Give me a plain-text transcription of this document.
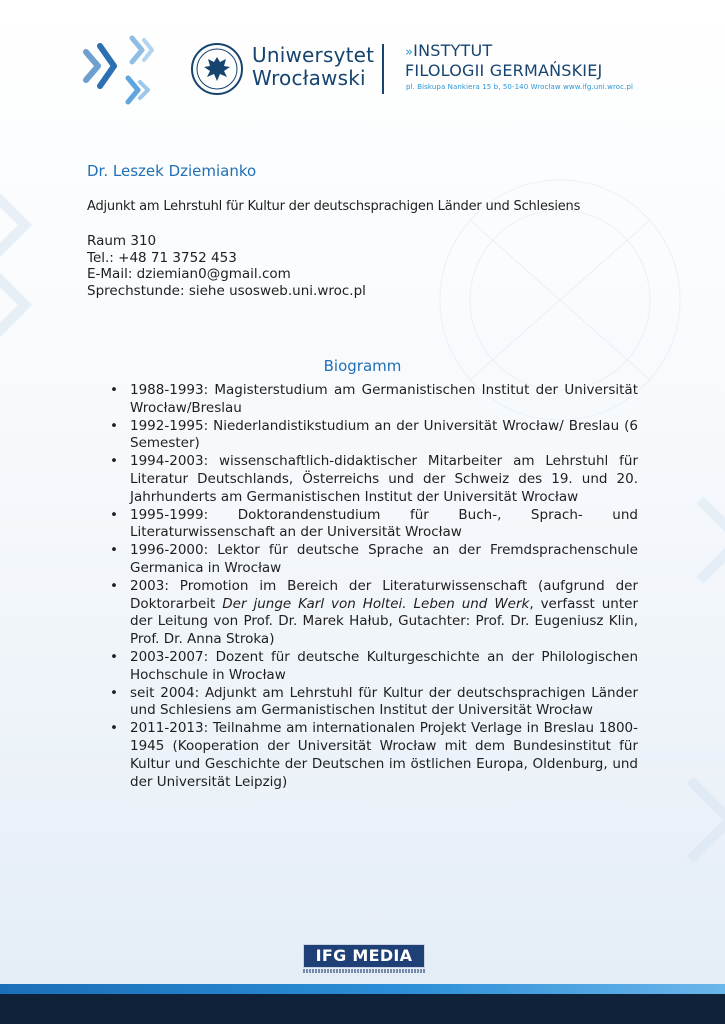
Uniwersytet
Wrocławski
»INSTYTUT
FILOLOGII GERMAŃSKIEJ
pl. Biskupa Nankiera 15 b, 50-140 Wrocław www.ifg.uni.wroc.pl
Dr. Leszek Dziemianko
Adjunkt am Lehrstuhl für Kultur der deutschsprachigen Länder und Schlesiens
Raum 310
Tel.: +48 71 3752 453
E-Mail: dziemian0@gmail.com
Sprechstunde: siehe usosweb.uni.wroc.pl
Biogramm
• 1988-1993: Magisterstudium am Germanistischen Institut der Universität Wrocław/Breslau
• 1992-1995: Niederlandistikstudium an der Universität Wrocław/ Breslau (6 Semester)
• 1994-2003: wissenschaftlich-didaktischer Mitarbeiter am Lehrstuhl für Literatur Deutschlands, Österreichs und der Schweiz des 19. und 20. Jahrhunderts am Germanistischen Institut der Universität Wrocław
• 1995-1999: Doktorandenstudium für Buch-, Sprach- und Literaturwissenschaft an der Universität Wrocław
• 1996-2000: Lektor für deutsche Sprache an der Fremdsprachenschule Germanica in Wrocław
• 2003: Promotion im Bereich der Literaturwissenschaft (aufgrund der Doktorarbeit Der junge Karl von Holtei. Leben und Werk, verfasst unter der Leitung von Prof. Dr. Marek Hałub, Gutachter: Prof. Dr. Eugeniusz Klin, Prof. Dr. Anna Stroka)
• 2003-2007: Dozent für deutsche Kulturgeschichte an der Philologischen Hochschule in Wrocław
• seit 2004: Adjunkt am Lehrstuhl für Kultur der deutschsprachigen Länder und Schlesiens am Germanistischen Institut der Universität Wrocław
• 2011-2013: Teilnahme am internationalen Projekt Verlage in Breslau 1800-1945 (Kooperation der Universität Wrocław mit dem Bundesinstitut für Kultur und Geschichte der Deutschen im östlichen Europa, Oldenburg, und der Universität Leipzig)
IFG MEDIA
